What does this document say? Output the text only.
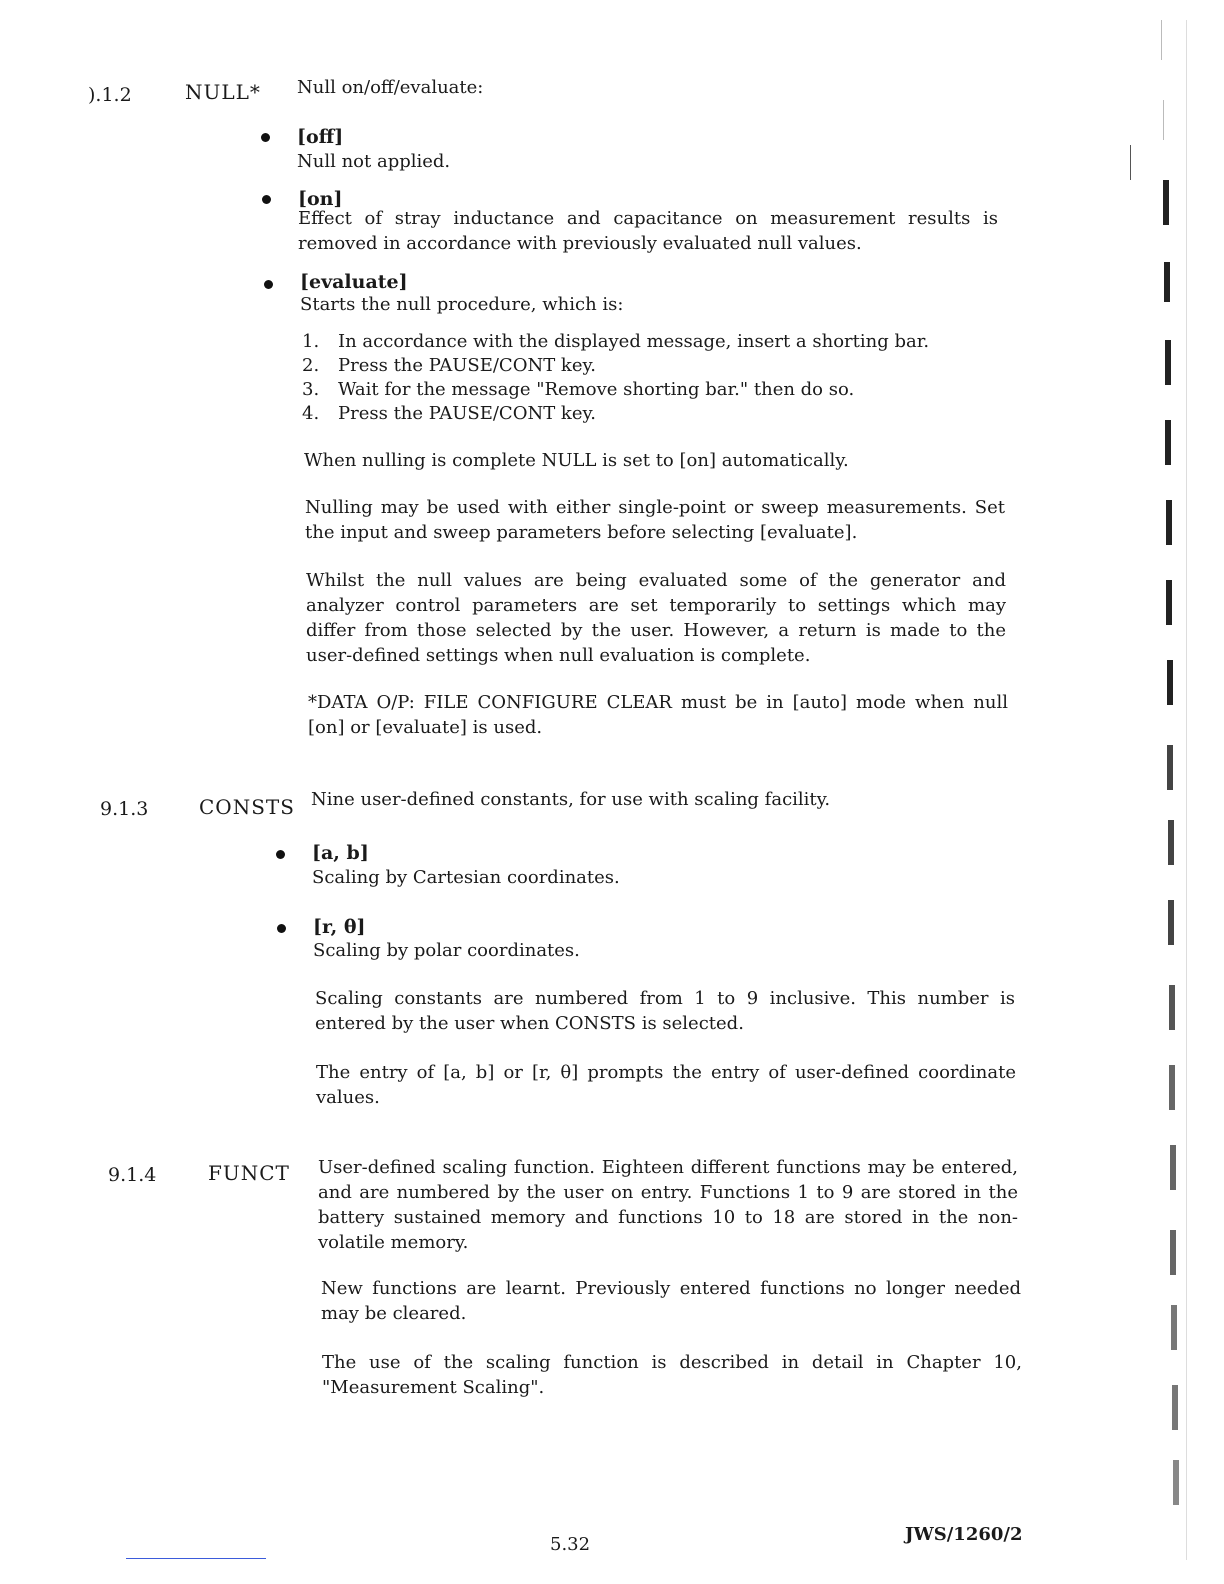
).1.2	NULL* Null on/off/evaluate:
[off]
Null not applied.
[on]
Effect of stray inductance and capacitance on measurement results is removed in accordance with previously evaluated null values.
[evaluate]
Starts the null procedure, which is:
1. In accordance with the displayed message, insert a shorting bar.
2. Press the PAUSE/CONT key.
3. Wait for the message "Remove shorting bar." then do so.
4. Press the PAUSE/CONT key.
When nulling is complete NULL is set to [on] automatically.
Nulling may be used with either single-point or sweep measurements. Set the input and sweep parameters before selecting [evaluate].
Whilst the null values are being evaluated some of the generator and analyzer control parameters are set temporarily to settings which may differ from those selected by the user. However, a return is made to the user-defined settings when null evaluation is complete.
*DATA O/P: FILE CONFIGURE CLEAR must be in [auto] mode when null [on] or [evaluate] is used.
9.1.3	CONSTS Nine user-defined constants, for use with scaling facility.
[a, b]
Scaling by Cartesian coordinates.
[r, θ]
Scaling by polar coordinates.
Scaling constants are numbered from 1 to 9 inclusive. This number is entered by the user when CONSTS is selected.
The entry of [a, b] or [r, θ] prompts the entry of user-defined coordinate values.
9.1.4	FUNCT User-defined scaling function. Eighteen different functions may be entered, and are numbered by the user on entry. Functions 1 to 9 are stored in the battery sustained memory and functions 10 to 18 are stored in the non-volatile memory.
New functions are learnt. Previously entered functions no longer needed may be cleared.
The use of the scaling function is described in detail in Chapter 10, "Measurement Scaling".
5.32	JWS/1260/2
